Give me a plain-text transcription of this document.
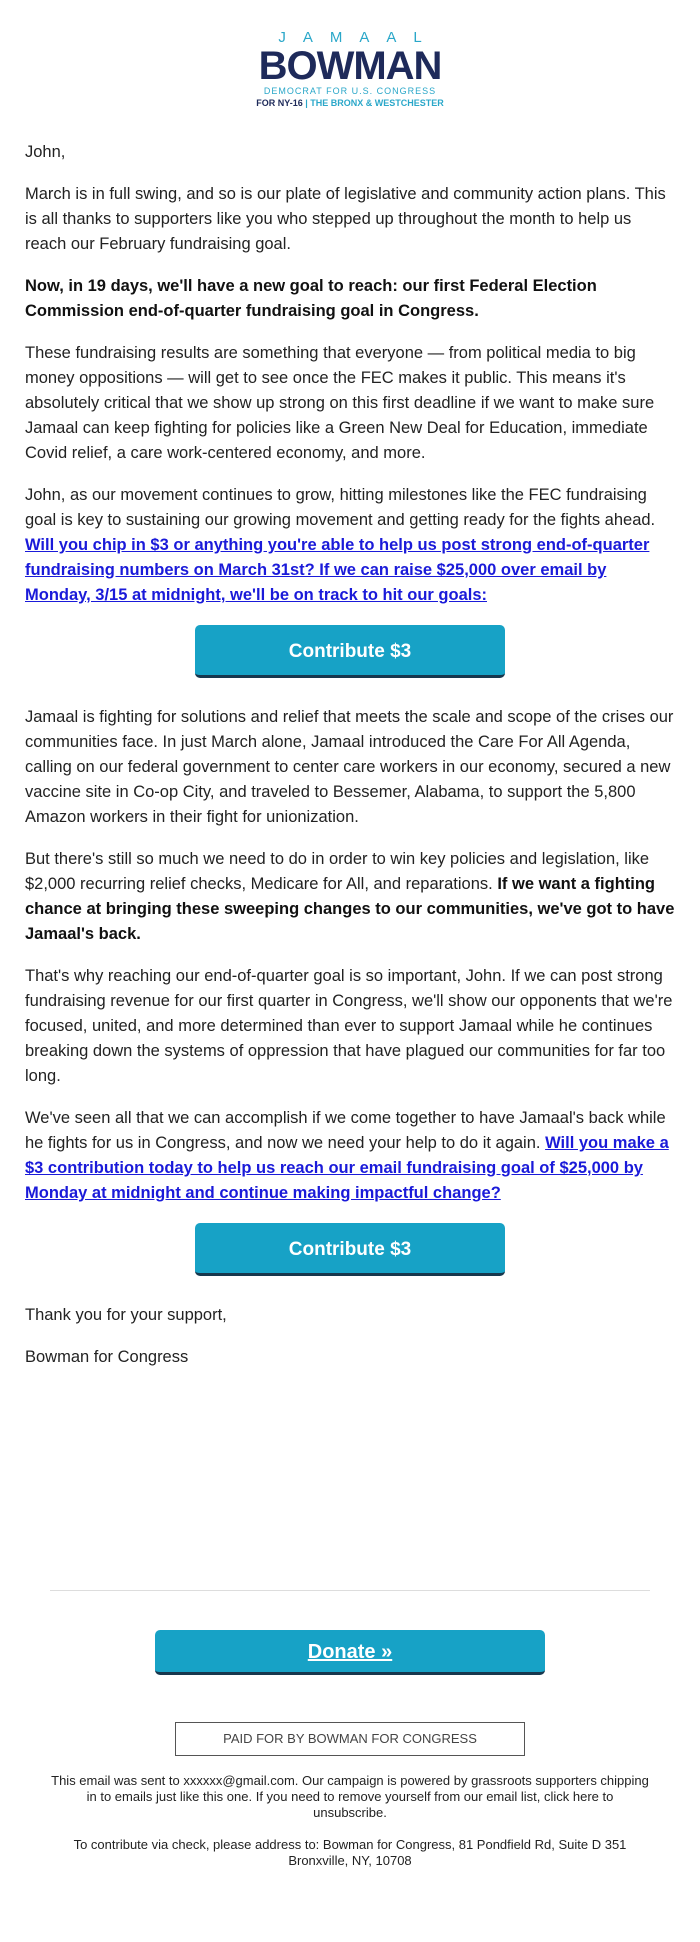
JAMAAL
BOWMAN
DEMOCRAT FOR U.S. CONGRESS
FOR NY-16 | THE BRONX & WESTCHESTER

John,

March is in full swing, and so is our plate of legislative and community action plans. This is all thanks to supporters like you who stepped up throughout the month to help us reach our February fundraising goal.

Now, in 19 days, we'll have a new goal to reach: our first Federal Election Commission end-of-quarter fundraising goal in Congress.

These fundraising results are something that everyone — from political media to big money oppositions — will get to see once the FEC makes it public. This means it's absolutely critical that we show up strong on this first deadline if we want to make sure Jamaal can keep fighting for policies like a Green New Deal for Education, immediate Covid relief, a care work-centered economy, and more.

John, as our movement continues to grow, hitting milestones like the FEC fundraising goal is key to sustaining our growing movement and getting ready for the fights ahead. Will you chip in $3 or anything you're able to help us post strong end-of-quarter fundraising numbers on March 31st? If we can raise $25,000 over email by Monday, 3/15 at midnight, we'll be on track to hit our goals:

Contribute $3

Jamaal is fighting for solutions and relief that meets the scale and scope of the crises our communities face. In just March alone, Jamaal introduced the Care For All Agenda, calling on our federal government to center care workers in our economy, secured a new vaccine site in Co-op City, and traveled to Bessemer, Alabama, to support the 5,800 Amazon workers in their fight for unionization.

But there's still so much we need to do in order to win key policies and legislation, like $2,000 recurring relief checks, Medicare for All, and reparations. If we want a fighting chance at bringing these sweeping changes to our communities, we've got to have Jamaal's back.

That's why reaching our end-of-quarter goal is so important, John. If we can post strong fundraising revenue for our first quarter in Congress, we'll show our opponents that we're focused, united, and more determined than ever to support Jamaal while he continues breaking down the systems of oppression that have plagued our communities for far too long.

We've seen all that we can accomplish if we come together to have Jamaal's back while he fights for us in Congress, and now we need your help to do it again. Will you make a $3 contribution today to help us reach our email fundraising goal of $25,000 by Monday at midnight and continue making impactful change?

Contribute $3

Thank you for your support,

Bowman for Congress

Donate »
PAID FOR BY BOWMAN FOR CONGRESS
This email was sent to xxxxxx@gmail.com. Our campaign is powered by grassroots supporters chipping in to emails just like this one. If you need to remove yourself from our email list, click here to unsubscribe.
To contribute via check, please address to: Bowman for Congress, 81 Pondfield Rd, Suite D 351 Bronxville, NY, 10708
